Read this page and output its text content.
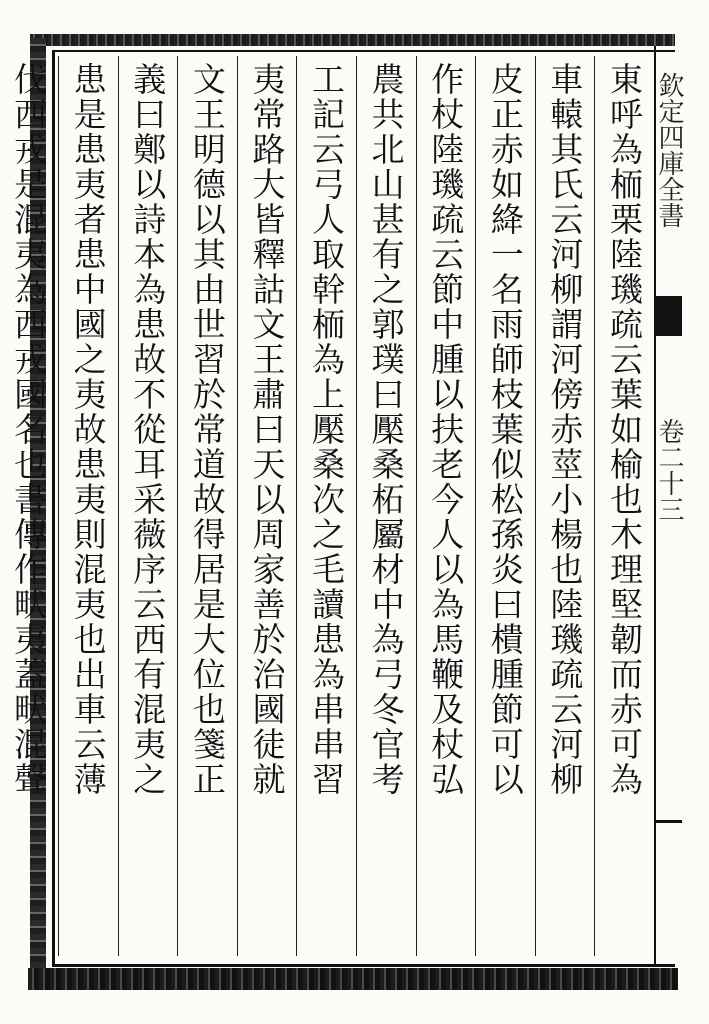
欽定四庫全書
卷二十三
東呼為栭栗陸璣疏云葉如榆也木理堅韌而赤可為
車轅其氏云河柳謂河傍赤莖小楊也陸璣疏云河柳
皮正赤如絳一名雨師枝葉似松孫炎曰樻腫節可以
作杖陸璣疏云節中腫以扶老今人以為馬鞭及杖弘
農共北山甚有之郭璞曰檿桑柘屬材中為弓冬官考
工記云弓人取幹栭為上檿桑次之毛讀患為串串習
夷常路大皆釋詁文王肅曰天以周家善於治國徒就
文王明德以其由世習於常道故得居是大位也箋正
義曰鄭以詩本為患故不從耳采薇序云西有混夷之
患是患夷者患中國之夷故患夷則混夷也出車云薄
伐西戎是混夷為西戎國名也書傳作畎夷蓋畎混聲
